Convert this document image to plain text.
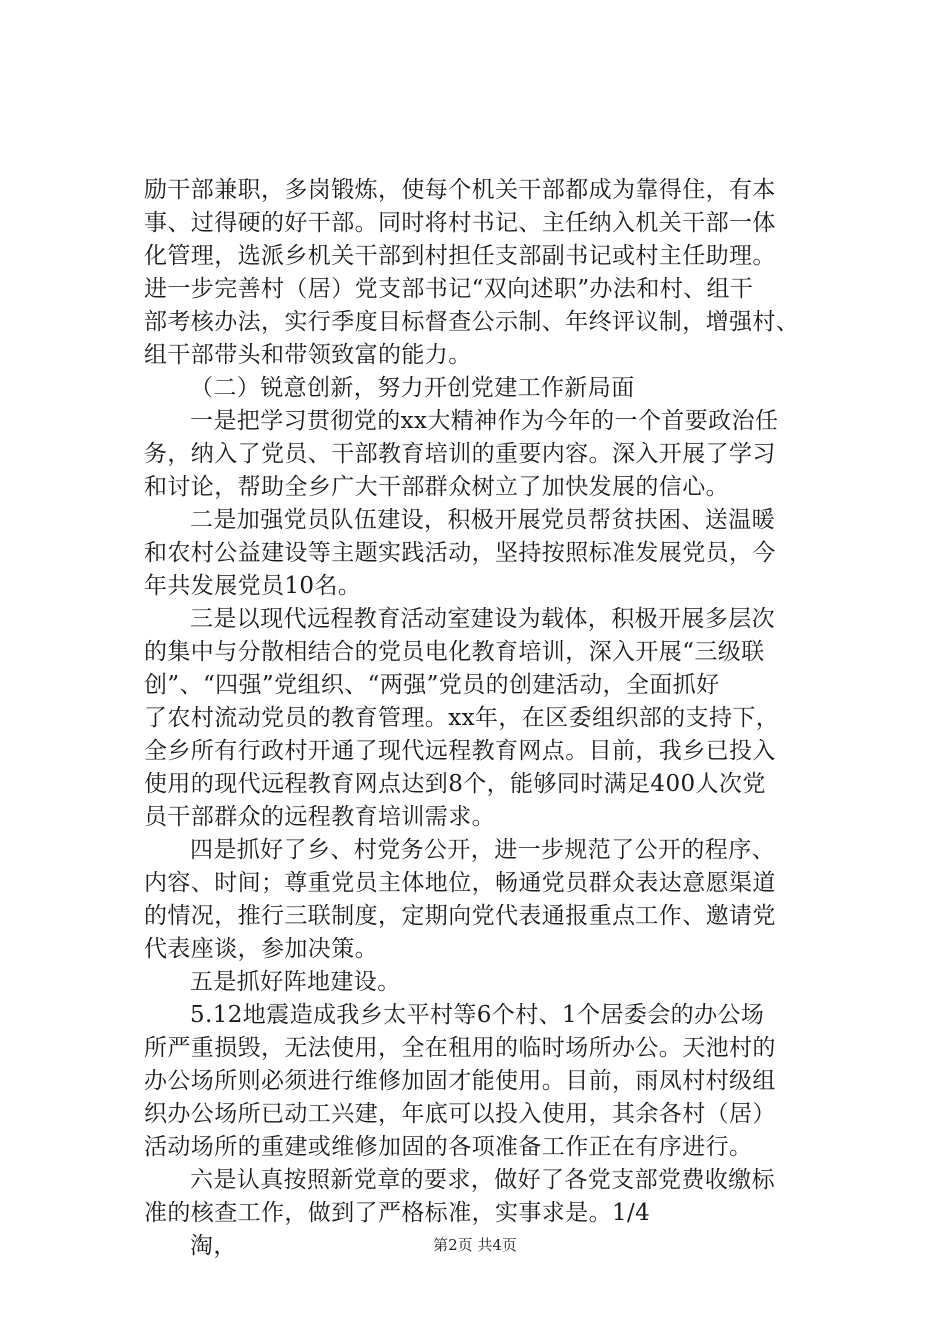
励干部兼职，多岗锻炼，使每个机关干部都成为靠得住，有本
事、过得硬的好干部。同时将村书记、主任纳入机关干部一体
化管理，选派乡机关干部到村担任支部副书记或村主任助理。
进一步完善村（居）党支部书记“双向述职”办法和村、组干
部考核办法，实行季度目标督查公示制、年终评议制，增强村、
组干部带头和带领致富的能力。
（二）锐意创新，努力开创党建工作新局面
一是把学习贯彻党的xx大精神作为今年的一个首要政治任
务，纳入了党员、干部教育培训的重要内容。深入开展了学习
和讨论，帮助全乡广大干部群众树立了加快发展的信心。
二是加强党员队伍建设，积极开展党员帮贫扶困、送温暖
和农村公益建设等主题实践活动，坚持按照标准发展党员，今
年共发展党员10名。
三是以现代远程教育活动室建设为载体，积极开展多层次
的集中与分散相结合的党员电化教育培训，深入开展“三级联
创”、“四强”党组织、“两强”党员的创建活动，全面抓好
了农村流动党员的教育管理。xx年，在区委组织部的支持下，
全乡所有行政村开通了现代远程教育网点。目前，我乡已投入
使用的现代远程教育网点达到8个，能够同时满足400人次党
员干部群众的远程教育培训需求。
四是抓好了乡、村党务公开，进一步规范了公开的程序、
内容、时间；尊重党员主体地位，畅通党员群众表达意愿渠道
的情况，推行三联制度，定期向党代表通报重点工作、邀请党
代表座谈，参加决策。
五是抓好阵地建设。
5.12地震造成我乡太平村等6个村、1个居委会的办公场
所严重损毁，无法使用，全在租用的临时场所办公。天池村的
办公场所则必须进行维修加固才能使用。目前，雨凤村村级组
织办公场所已动工兴建，年底可以投入使用，其余各村（居）
活动场所的重建或维修加固的各项准备工作正在有序进行。
六是认真按照新党章的要求，做好了各党支部党费收缴标
准的核查工作，做到了严格标准，实事求是。1/4
淘，	第2页 共4页
